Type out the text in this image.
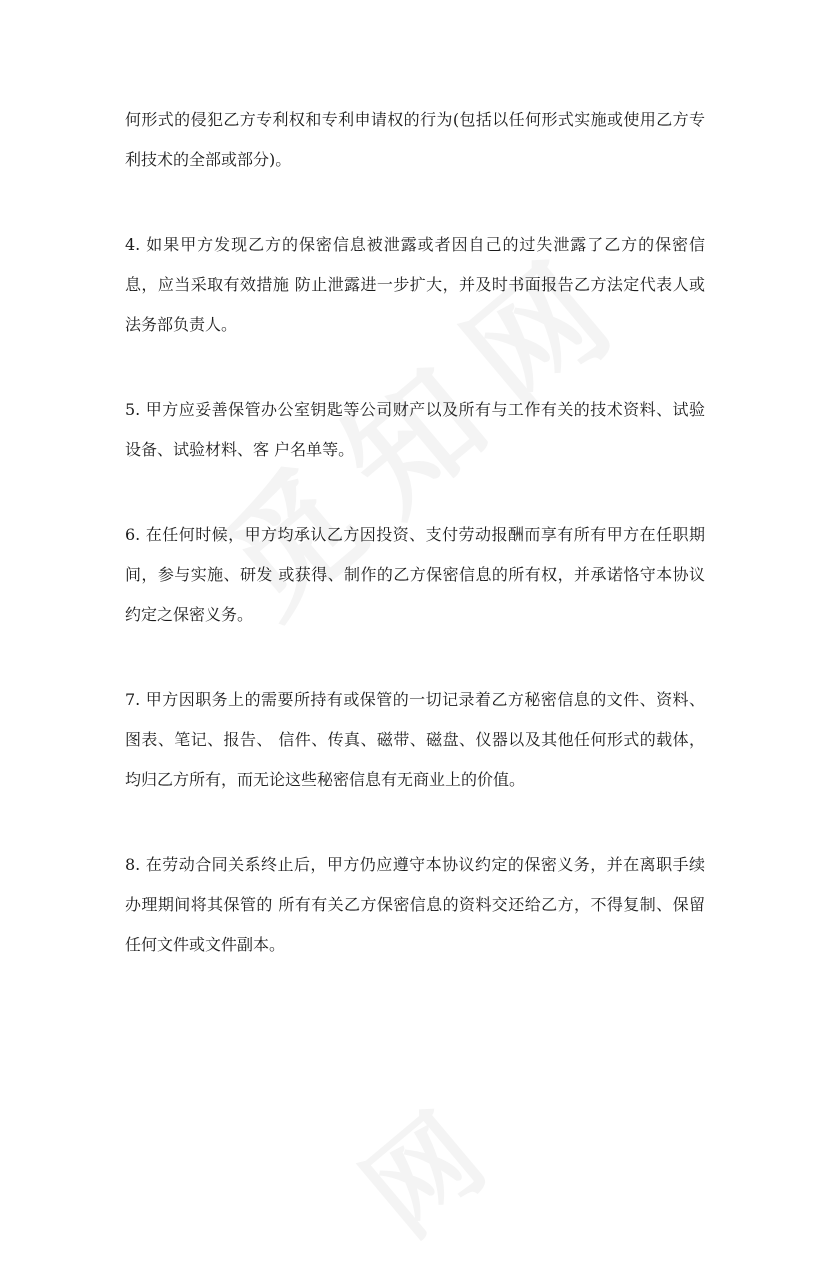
何形式的侵犯乙方专利权和专利申请权的行为(包括以任何形式实施或使用乙方专利技术的全部或部分)。

4. 如果甲方发现乙方的保密信息被泄露或者因自己的过失泄露了乙方的保密信息，应当采取有效措施 防止泄露进一步扩大，并及时书面报告乙方法定代表人或法务部负责人。

5. 甲方应妥善保管办公室钥匙等公司财产以及所有与工作有关的技术资料、试验设备、试验材料、客 户名单等。

6. 在任何时候，甲方均承认乙方因投资、支付劳动报酬而享有所有甲方在任职期间，参与实施、研发 或获得、制作的乙方保密信息的所有权，并承诺恪守本协议约定之保密义务。

7. 甲方因职务上的需要所持有或保管的一切记录着乙方秘密信息的文件、资料、图表、笔记、报告、 信件、传真、磁带、磁盘、仪器以及其他任何形式的载体，均归乙方所有，而无论这些秘密信息有无商业上的价值。

8. 在劳动合同关系终止后，甲方仍应遵守本协议约定的保密义务，并在离职手续办理期间将其保管的 所有有关乙方保密信息的资料交还给乙方，不得复制、保留任何文件或文件副本。
